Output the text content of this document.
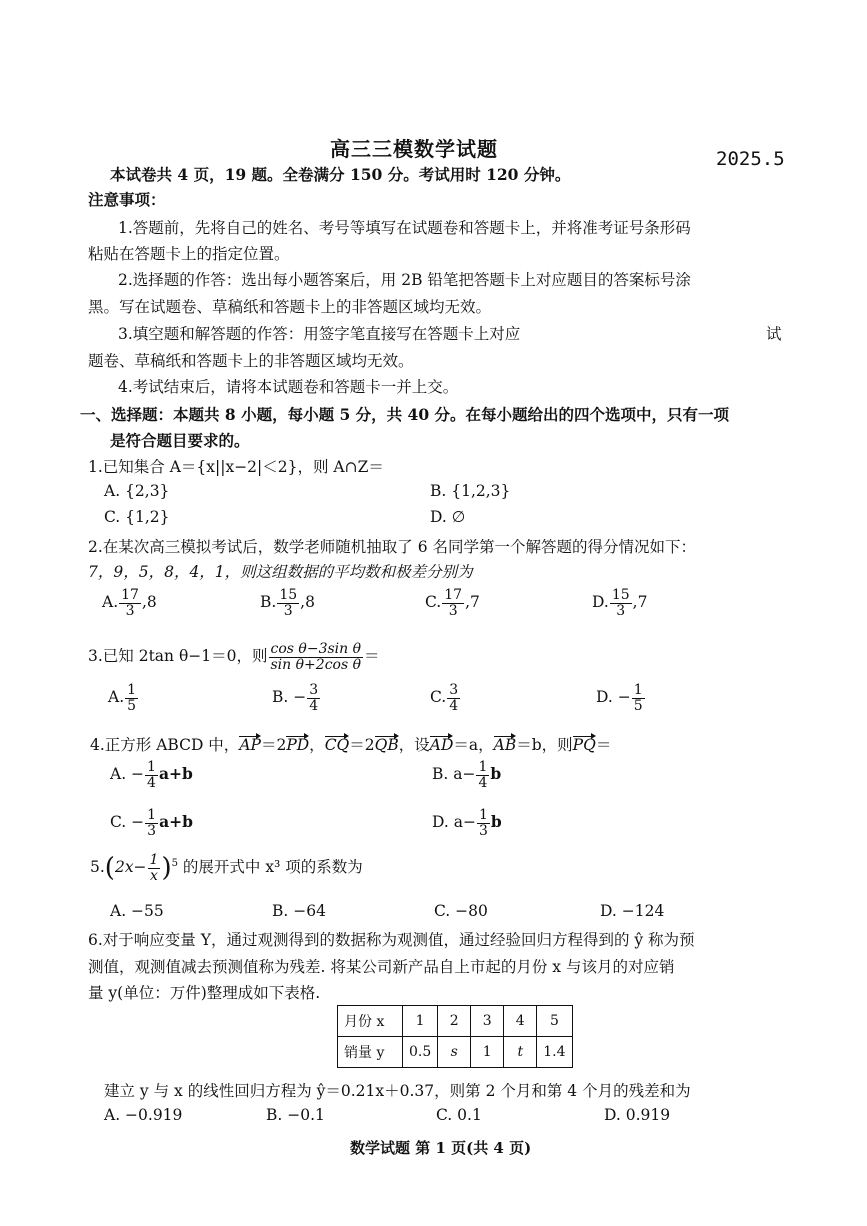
高三三模数学试题	2025.5
本试卷共 4 页，19 题。全卷满分 150 分。考试用时 120 分钟。
注意事项：
1.答题前，先将自己的姓名、考号等填写在试题卷和答题卡上，并将准考证号条形码
粘贴在答题卡上的指定位置。
2.选择题的作答：选出每小题答案后，用 2B 铅笔把答题卡上对应题目的答案标号涂
黑。写在试题卷、草稿纸和答题卡上的非答题区域均无效。
3.填空题和解答题的作答：用签字笔直接写在答题卡上对应	试
题卷、草稿纸和答题卡上的非答题区域均无效。
4.考试结束后，请将本试题卷和答题卡一并上交。
一、选择题：本题共 8 小题，每小题 5 分，共 40 分。在每小题给出的四个选项中，只有一项
是符合题目要求的。
1.已知集合 A＝{x||x−2|＜2}，则 A∩Z＝
A. {2,3}	B. {1,2,3}
C. {1,2}	D. ∅
2.在某次高三模拟考试后，数学老师随机抽取了 6 名同学第一个解答题的得分情况如下：
7，9，5，8，4，1，则这组数据的平均数和极差分别为
A. $\frac{17}{3} ,8$	B. $\frac{15}{3} ,8$	C. $\frac{17}{3} ,7$	D. $\frac{15}{3} ,7$
3.已知 2tan θ−1＝0，则 $\frac{\text{cos θ−3sin θ}}{\text{sin θ+2cos θ}}$ ＝
A. $\frac{1}{5}$	B. − $\frac{3}{4}$	C. $\frac{3}{4}$	D. − $\frac{1}{5}$
4.正方形 ABCD 中，AP＝2PD，CQ＝2QB，设AD＝a，AB＝b，则PQ＝
A. − $\frac{1}{4} a+b$	B. $a- \frac{1}{4}$ b
C. − $\frac{1}{3} a+b$	D. $a- \frac{1}{3}$ b
$5.(2x- \frac{1}{x} )^5$ 的展开式中 x³ 项的系数为
A. −55	B. −64	C. −80	D. −124
6.对于响应变量 Y，通过观测得到的数据称为观测值，通过经验回归方程得到的 ŷ 称为预
测值，观测值减去预测值称为残差. 将某公司新产品自上市起的月份 x 与该月的对应销
量 y(单位：万件)整理成如下表格.
月份 x	1	2	3	4	5
销量 y	0.5	s	1	t	1.4
建立 y 与 x 的线性回归方程为 ŷ＝0.21x＋0.37，则第 2 个月和第 4 个月的残差和为
A. −0.919	B. −0.1	C. 0.1	D. 0.919
数学试题 第 1 页(共 4 页)
